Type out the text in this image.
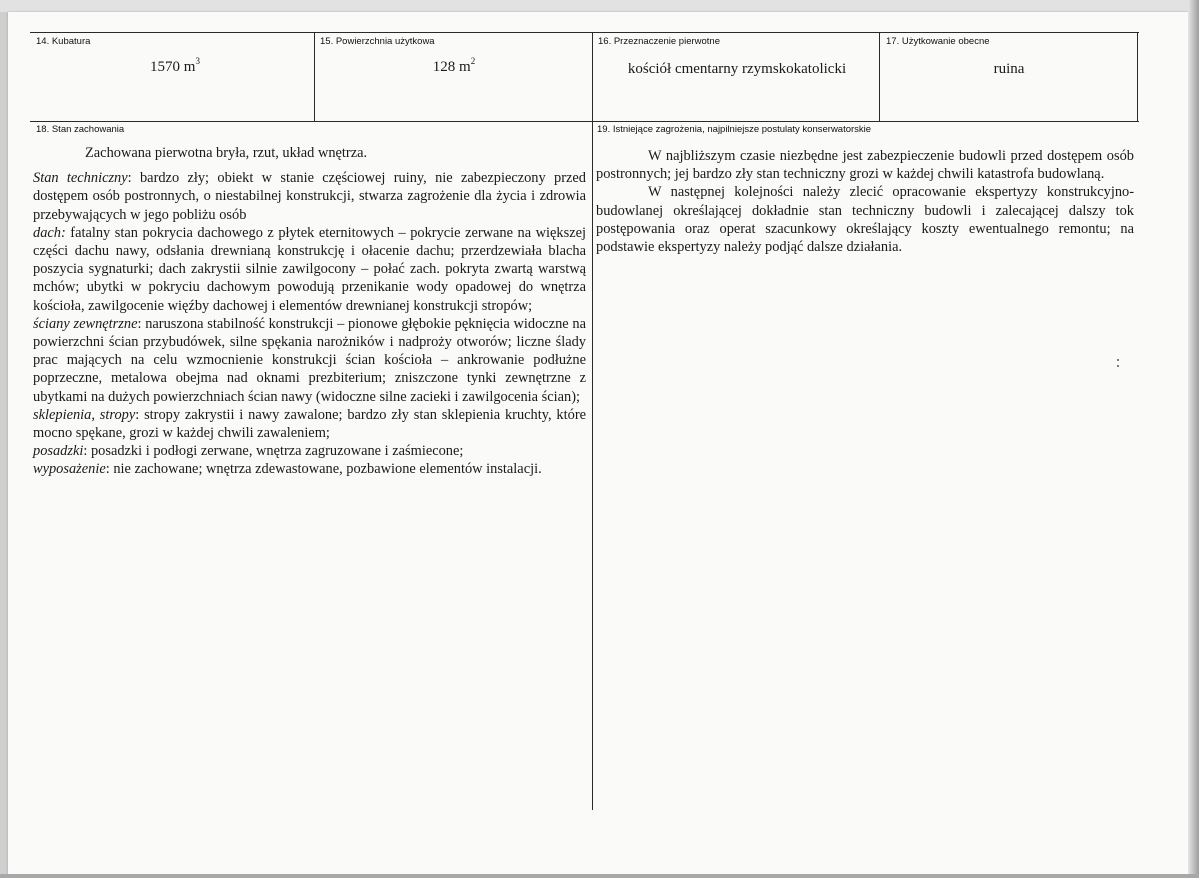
14. Kubatura
1570 $m^3$
15. Powierzchnia użytkowa
128 $m^2$
16. Przeznaczenie pierwotne
kościół cmentarny rzymskokatolicki
17. Użytkowanie obecne
ruina
18. Stan zachowania

Zachowana pierwotna bryła, rzut, układ wnętrza.

Stan techniczny: bardzo zły; obiekt w stanie częściowej ruiny, nie zabezpieczony przed dostępem osób postronnych, o niestabilnej konstrukcji, stwarza zagrożenie dla życia i zdrowia przebywających w jego pobliżu osób

dach: fatalny stan pokrycia dachowego z płytek eternitowych – pokrycie zerwane na większej części dachu nawy, odsłania drewnianą konstrukcję i ołacenie dachu; przerdzewiała blacha poszycia sygnaturki; dach zakrystii silnie zawilgocony – połać zach. pokryta zwartą warstwą mchów; ubytki w pokryciu dachowym powodują przenikanie wody opadowej do wnętrza kościoła, zawilgocenie więźby dachowej i elementów drewnianej konstrukcji stropów;

ściany zewnętrzne: naruszona stabilność konstrukcji – pionowe głębokie pęknięcia widoczne na powierzchni ścian przybudówek, silne spękania narożników i nadproży otworów; liczne ślady prac mających na celu wzmocnienie konstrukcji ścian kościoła – ankrowanie podłużne poprzeczne, metalowa obejma nad oknami prezbiterium; zniszczone tynki zewnętrzne z ubytkami na dużych powierzchniach ścian nawy (widoczne silne zacieki i zawilgocenia ścian);

sklepienia, stropy: stropy zakrystii i nawy zawalone; bardzo zły stan sklepienia kruchty, które mocno spękane, grozi w każdej chwili zawaleniem;

posadzki: posadzki i podłogi zerwane, wnętrza zagruzowane i zaśmiecone;

wyposażenie: nie zachowane; wnętrza zdewastowane, pozbawione elementów instalacji.

19. Istniejące zagrożenia, najpilniejsze postulaty konserwatorskie

W najbliższym czasie niezbędne jest zabezpieczenie budowli przed dostępem osób postronnych; jej bardzo zły stan techniczny grozi w każdej chwili katastrofa budowlaną.

W następnej kolejności należy zlecić opracowanie ekspertyzy konstrukcyjno-budowlanej określającej dokładnie stan techniczny budowli i zalecającej dalszy tok postępowania oraz operat szacunkowy określający koszty ewentualnego remontu; na podstawie ekspertyzy należy podjąć dalsze działania.
